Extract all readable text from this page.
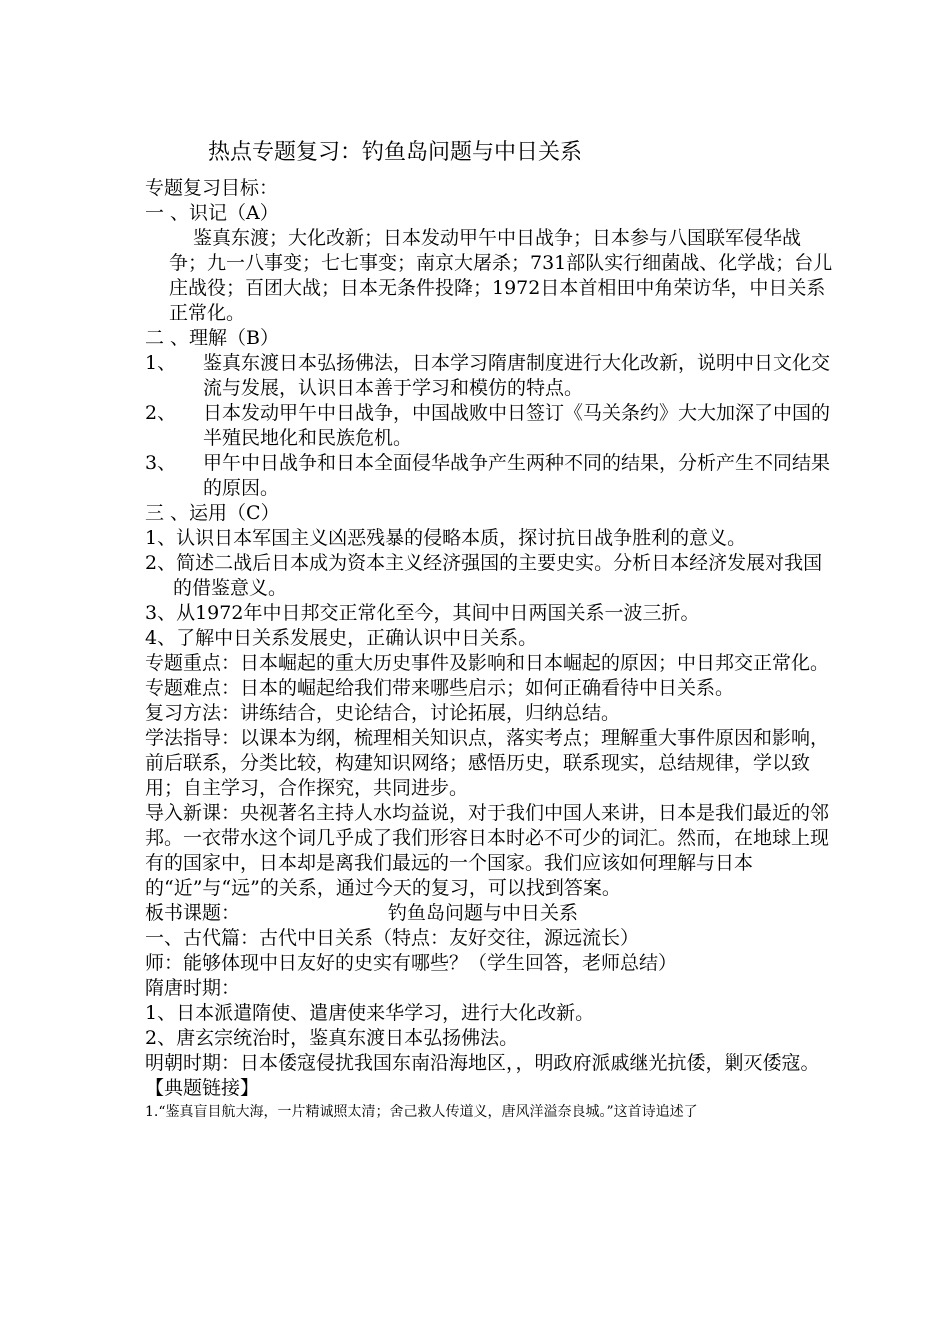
热点专题复习：钓鱼岛问题与中日关系

专题复习目标：

一 、识记（A）

鉴真东渡；大化改新；日本发动甲午中日战争；日本参与八国联军侵华战争；九一八事变；七七事变；南京大屠杀；731部队实行细菌战、化学战；台儿庄战役；百团大战；日本无条件投降；1972日本首相田中角荣访华，中日关系正常化。

二 、理解（B）

1、	鉴真东渡日本弘扬佛法，日本学习隋唐制度进行大化改新，说明中日文化交流与发展，认识日本善于学习和模仿的特点。
2、	日本发动甲午中日战争，中国战败中日签订《马关条约》大大加深了中国的半殖民地化和民族危机。
3、	甲午中日战争和日本全面侵华战争产生两种不同的结果，分析产生不同结果的原因。

三 、运用（C）

1、认识日本军国主义凶恶残暴的侵略本质，探讨抗日战争胜利的意义。

2、简述二战后日本成为资本主义经济强国的主要史实。分析日本经济发展对我国的借鉴意义。

3、从1972年中日邦交正常化至今，其间中日两国关系一波三折。

4、了解中日关系发展史，正确认识中日关系。

专题重点：日本崛起的重大历史事件及影响和日本崛起的原因；中日邦交正常化。

专题难点：日本的崛起给我们带来哪些启示；如何正确看待中日关系。

复习方法：讲练结合，史论结合，讨论拓展，归纳总结。

学法指导：以课本为纲，梳理相关知识点，落实考点；理解重大事件原因和影响，前后联系，分类比较，构建知识网络；感悟历史，联系现实，总结规律，学以致用；自主学习，合作探究，共同进步。

导入新课：央视著名主持人水均益说，对于我们中国人来讲，日本是我们最近的邻邦。一衣带水这个词几乎成了我们形容日本时必不可少的词汇。然而，在地球上现有的国家中，日本却是离我们最远的一个国家。我们应该如何理解与日本的“近”与“远”的关系，通过今天的复习，可以找到答案。

板书课题：	钓鱼岛问题与中日关系

一、古代篇：古代中日关系（特点：友好交往，源远流长）

师：能够体现中日友好的史实有哪些？（学生回答，老师总结）

隋唐时期：

1、日本派遣隋使、遣唐使来华学习，进行大化改新。

2、唐玄宗统治时，鉴真东渡日本弘扬佛法。

明朝时期：日本倭寇侵扰我国东南沿海地区，，明政府派戚继光抗倭，剿灭倭寇。

【典题链接】

1.“鉴真盲目航大海，一片精诚照太清；舍己救人传道义，唐风洋溢奈良城。”这首诗追述了
